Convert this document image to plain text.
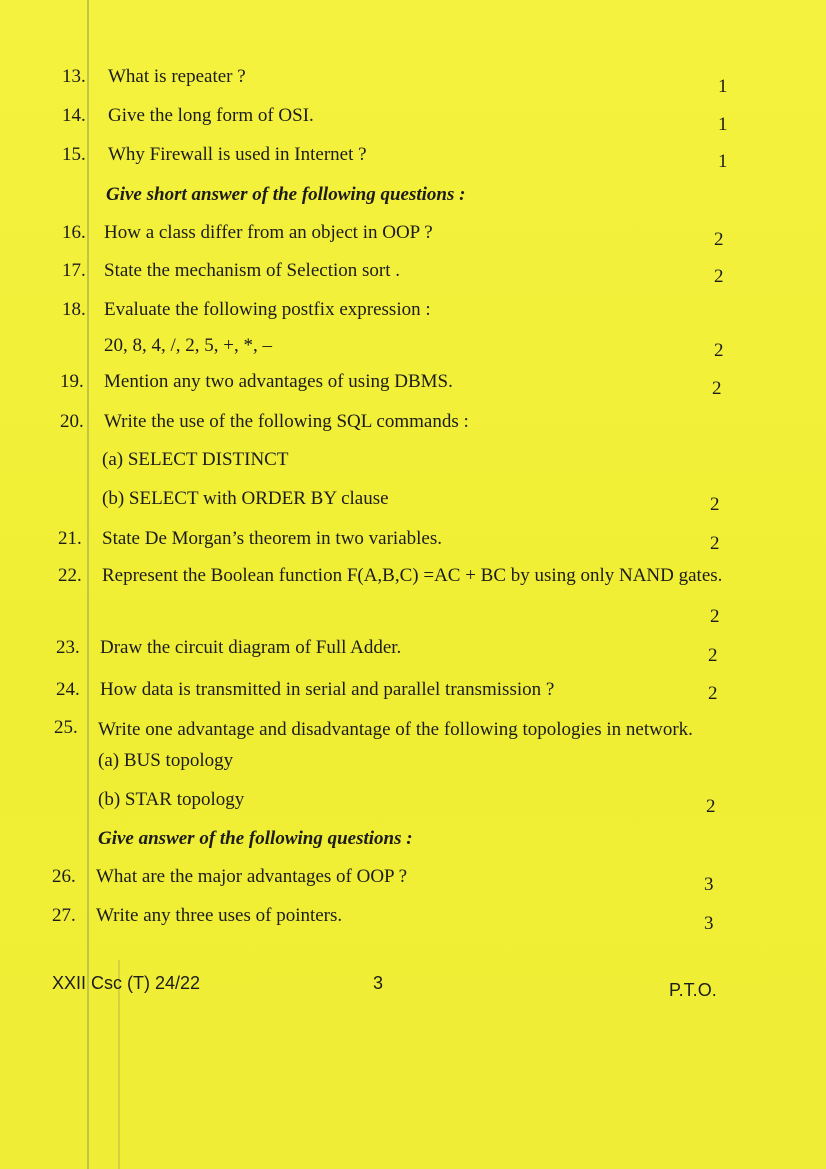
13. What is repeater ?	1
14. Give the long form of OSI.	1
15. Why Firewall is used in Internet ?	1
Give short answer of the following questions :
16. How a class differ from an object in OOP ?	2
17. State the mechanism of Selection sort .	2
18. Evaluate the following postfix expression :
20, 8, 4, /, 2, 5, +, *, –	2
19. Mention any two advantages of using DBMS.	2
20. Write the use of the following SQL commands :
(a) SELECT DISTINCT
(b) SELECT with ORDER BY clause	2
21. State De Morgan’s theorem in two variables.	2
22. Represent the Boolean function F(A,B,C) =AC + BC by using only NAND gates.
2
23. Draw the circuit diagram of Full Adder.	2
24. How data is transmitted in serial and parallel transmission ?	2
25. Write one advantage and disadvantage of the following topologies in network.
(a) BUS topology
(b) STAR topology	2
Give answer of the following questions :
26. What are the major advantages of OOP ?	3
27. Write any three uses of pointers.	3
XXII Csc (T) 24/22	3	P.T.O.
